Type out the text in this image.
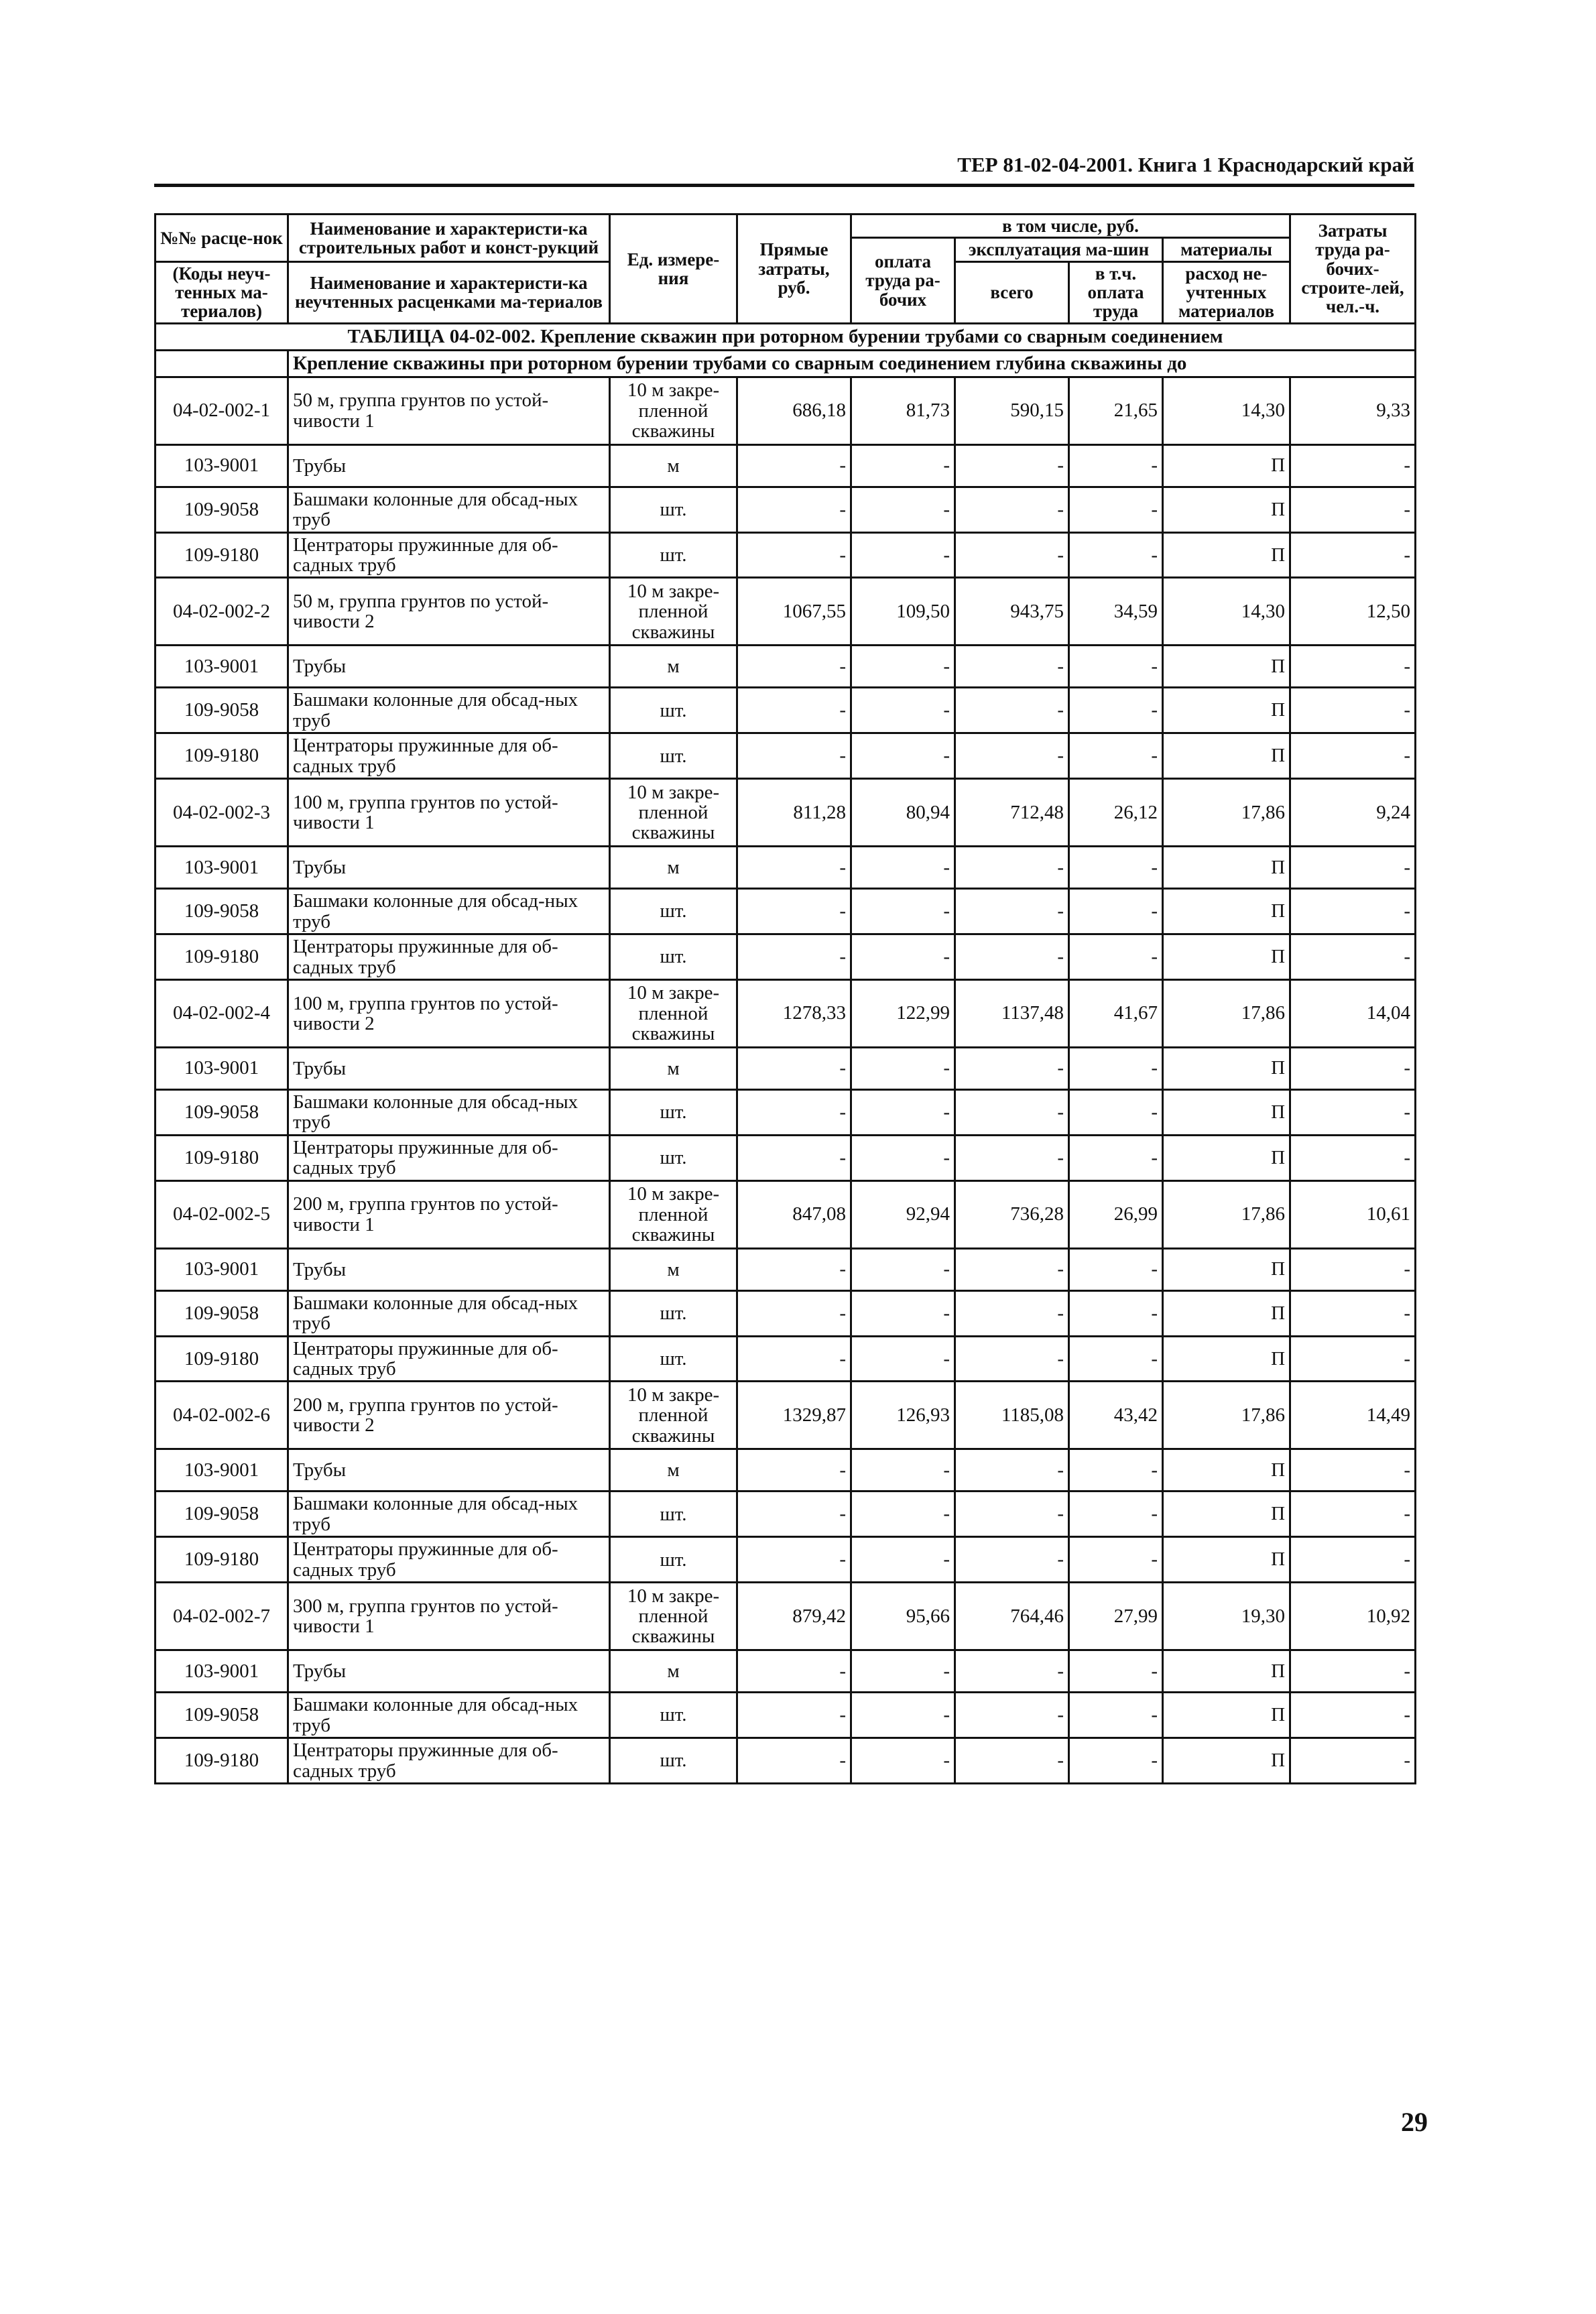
ТЕР 81-02-04-2001. Книга 1 Краснодарский край
№№ расце-нок	Наименование и характеристи-ка строительных работ и конст-рукций	Ед. измере-ния	Прямые затраты, руб.	в том числе, руб.				Затраты труда ра-бочих-строите-лей, чел.-ч.
				оплата труда ра-бочих	эксплуатация ма-шин		материалы	
(Коды неуч-тенных ма-териалов)	Наименование и характеристи-ка неучтенных расценками ма-териалов				всего	в т.ч. оплата труда	расход не-учтенных материалов	

ТАБЛИЦА 04-02-002. Крепление скважин при роторном бурении трубами со сварным соединением								
	Крепление скважины при роторном бурении трубами со сварным соединением глубина скважины до							
04-02-002-1	50 м, группа грунтов по устой-чивости 1	10 м закре-пленной скважины	686,18	81,73	590,15	21,65	14,30	9,33
103-9001	Трубы	м	-	-	-	-	П	-
109-9058	Башмаки колонные для обсад-ных труб	шт.	-	-	-	-	П	-
109-9180	Центраторы пружинные для об-садных труб	шт.	-	-	-	-	П	-
04-02-002-2	50 м, группа грунтов по устой-чивости 2	10 м закре-пленной скважины	1067,55	109,50	943,75	34,59	14,30	12,50
103-9001	Трубы	м	-	-	-	-	П	-
109-9058	Башмаки колонные для обсад-ных труб	шт.	-	-	-	-	П	-
109-9180	Центраторы пружинные для об-садных труб	шт.	-	-	-	-	П	-
04-02-002-3	100 м, группа грунтов по устой-чивости 1	10 м закре-пленной скважины	811,28	80,94	712,48	26,12	17,86	9,24
103-9001	Трубы	м	-	-	-	-	П	-
109-9058	Башмаки колонные для обсад-ных труб	шт.	-	-	-	-	П	-
109-9180	Центраторы пружинные для об-садных труб	шт.	-	-	-	-	П	-
04-02-002-4	100 м, группа грунтов по устой-чивости 2	10 м закре-пленной скважины	1278,33	122,99	1137,48	41,67	17,86	14,04
103-9001	Трубы	м	-	-	-	-	П	-
109-9058	Башмаки колонные для обсад-ных труб	шт.	-	-	-	-	П	-
109-9180	Центраторы пружинные для об-садных труб	шт.	-	-	-	-	П	-
04-02-002-5	200 м, группа грунтов по устой-чивости 1	10 м закре-пленной скважины	847,08	92,94	736,28	26,99	17,86	10,61
103-9001	Трубы	м	-	-	-	-	П	-
109-9058	Башмаки колонные для обсад-ных труб	шт.	-	-	-	-	П	-
109-9180	Центраторы пружинные для об-садных труб	шт.	-	-	-	-	П	-
04-02-002-6	200 м, группа грунтов по устой-чивости 2	10 м закре-пленной скважины	1329,87	126,93	1185,08	43,42	17,86	14,49
103-9001	Трубы	м	-	-	-	-	П	-
109-9058	Башмаки колонные для обсад-ных труб	шт.	-	-	-	-	П	-
109-9180	Центраторы пружинные для об-садных труб	шт.	-	-	-	-	П	-
04-02-002-7	300 м, группа грунтов по устой-чивости 1	10 м закре-пленной скважины	879,42	95,66	764,46	27,99	19,30	10,92
103-9001	Трубы	м	-	-	-	-	П	-
109-9058	Башмаки колонные для обсад-ных труб	шт.	-	-	-	-	П	-
109-9180	Центраторы пружинные для об-садных труб	шт.	-	-	-	-	П	-
29
